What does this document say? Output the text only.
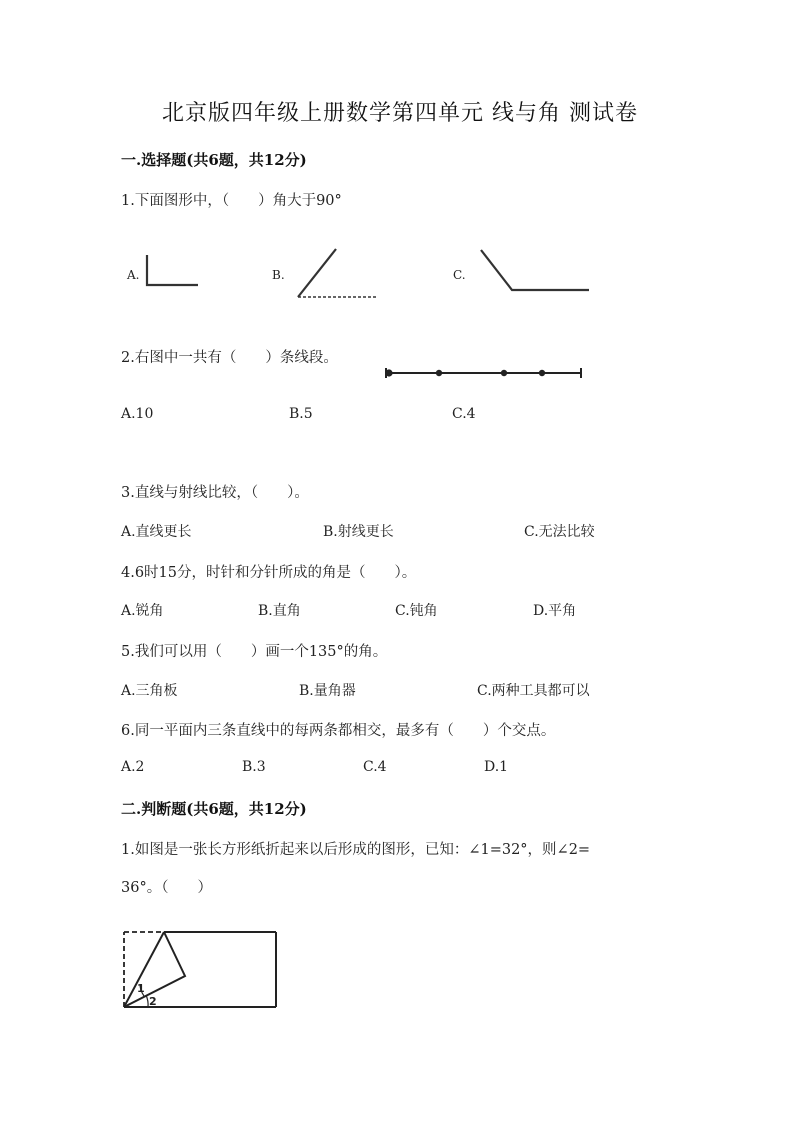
北京版四年级上册数学第四单元 线与角 测试卷
一.选择题(共6题，共12分)
1.下面图形中，（　　）角大于90°
A.	B.	C.
2.右图中一共有（　　）条线段。
A.10	B.5	C.4
3.直线与射线比较，（　　）。
A.直线更长	B.射线更长	C.无法比较
4.6时15分，时针和分针所成的角是（　　）。
A.锐角	B.直角	C.钝角	D.平角
5.我们可以用（　　）画一个135°的角。
A.三角板	B.量角器	C.两种工具都可以
6.同一平面内三条直线中的每两条都相交，最多有（　　）个交点。
A.2	B.3	C.4	D.1
二.判断题(共6题，共12分)
1.如图是一张长方形纸折起来以后形成的图形，已知：∠1=32°，则∠2=
36°。（　　）
1
2
